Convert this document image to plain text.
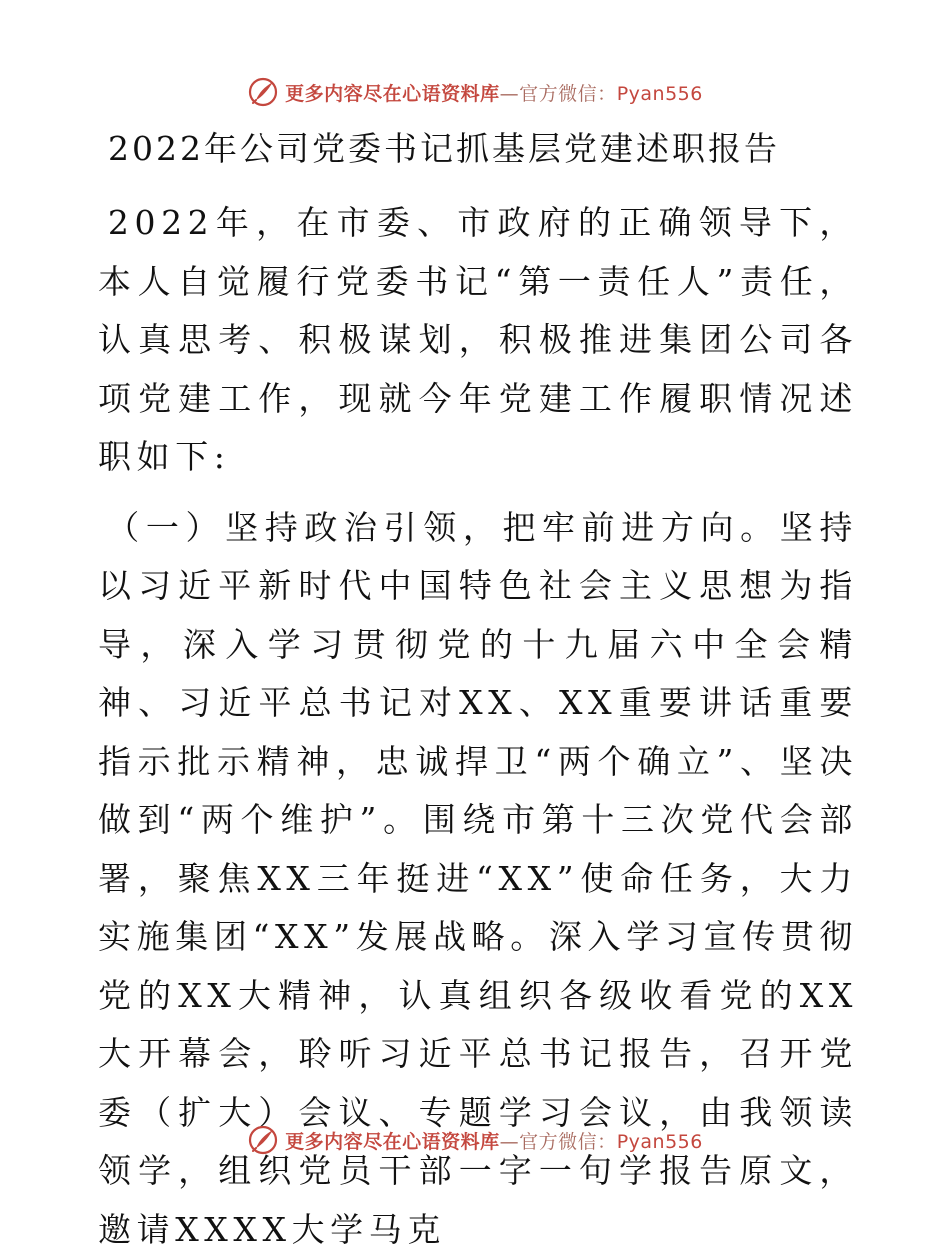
更多内容尽在心语资料库—官方微信：Pyan556
2022年公司党委书记抓基层党建述职报告

2022年，在市委、市政府的正确领导下，本人自觉履行党委书记“第一责任人”责任，认真思考、积极谋划，积极推进集团公司各项党建工作，现就今年党建工作履职情况述职如下:

（一）坚持政治引领，把牢前进方向。坚持以习近平新时代中国特色社会主义思想为指导，深入学习贯彻党的十九届六中全会精神、习近平总书记对XX、XX重要讲话重要指示批示精神，忠诚捍卫“两个确立”、坚决做到“两个维护”。围绕市第十三次党代会部署，聚焦XX三年挺进“XX”使命任务，大力实施集团“XX”发展战略。深入学习宣传贯彻党的XX大精神，认真组织各级收看党的XX大开幕会，聆听习近平总书记报告，召开党委（扩大）会议、专题学习会议，由我领读领学，组织党员干部一字一句学报告原文，邀请XXXX大学马克

更多内容尽在心语资料库—官方微信：Pyan556
